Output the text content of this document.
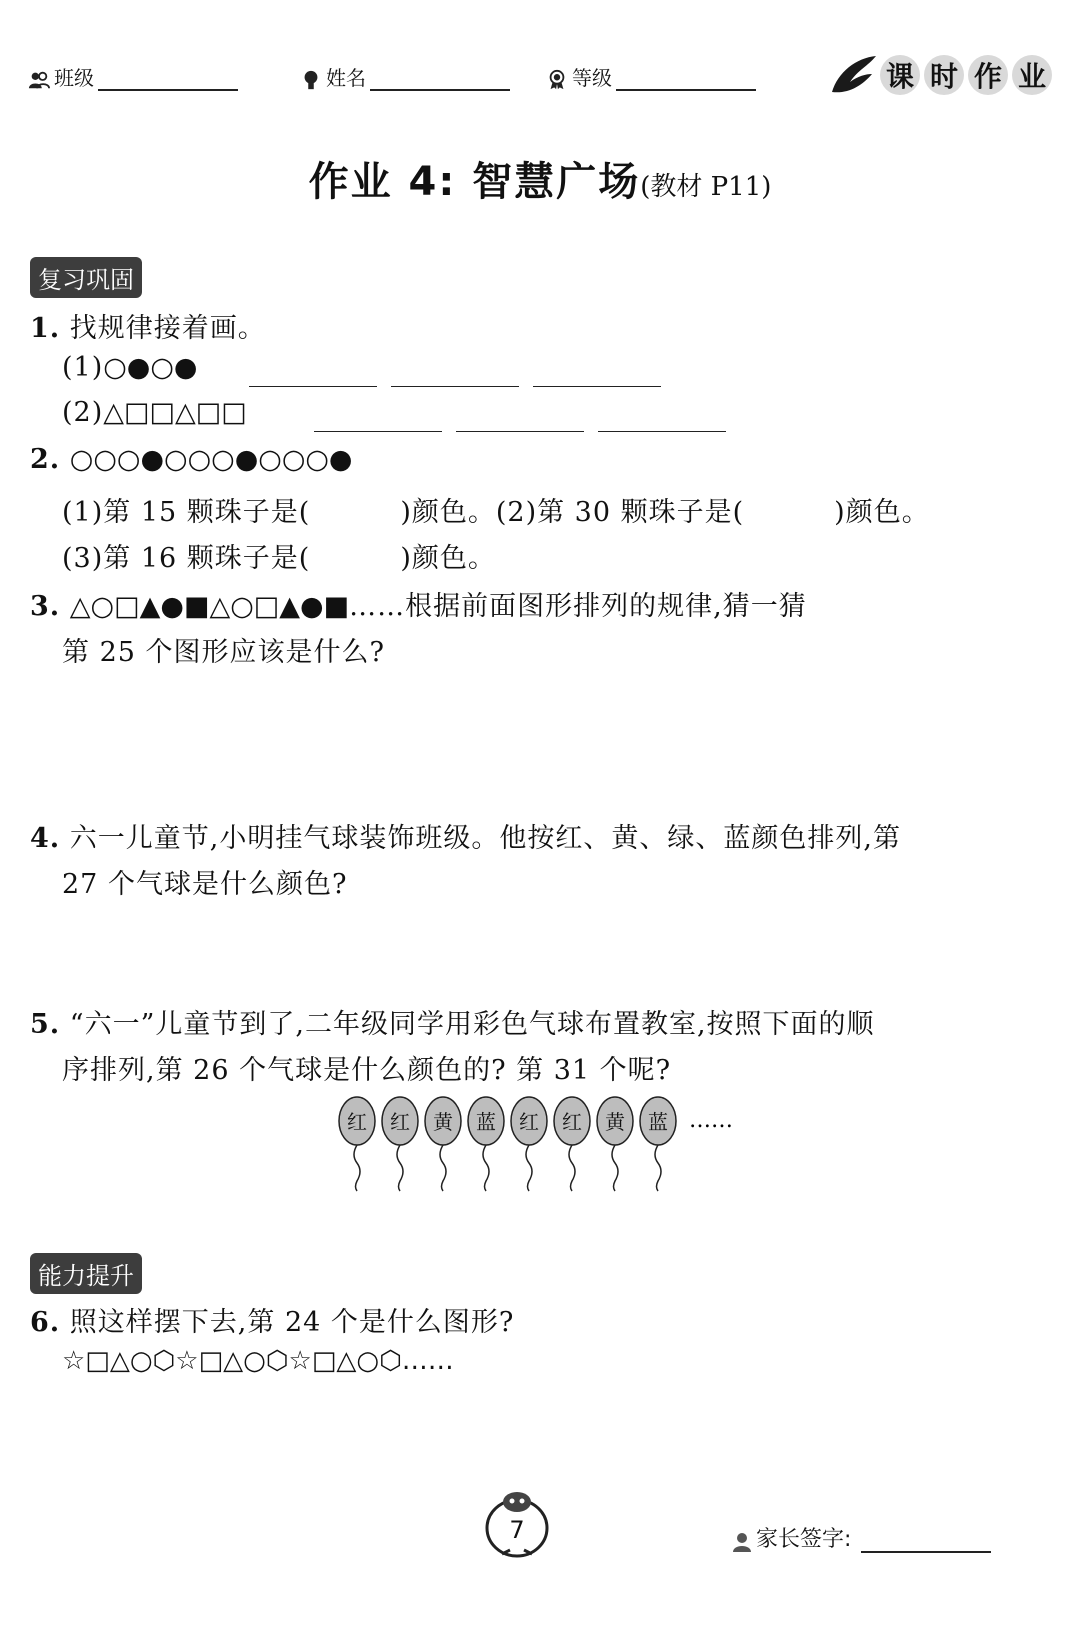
班级	姓名	等级	课 时 作 业
作业 4: 智慧广场(教材 P11)
复习巩固
1. 找规律接着画。
(1)○●○●
(2)△□□△□□
2. ○○○●○○○●○○○●
(1)第 15 颗珠子是(	)颜色。(2)第 30 颗珠子是(	)颜色。
(3)第 16 颗珠子是(	)颜色。
3. △○□▲●■△○□▲●■……根据前面图形排列的规律,猜一猜
第 25 个图形应该是什么?
4. 六一儿童节,小明挂气球装饰班级。他按红、黄、绿、蓝颜色排列,第
27 个气球是什么颜色?
5. “六一”儿童节到了,二年级同学用彩色气球布置教室,按照下面的顺
序排列,第 26 个气球是什么颜色的? 第 31 个呢?
红 红 黄 蓝 红 红 黄 蓝 ……
能力提升
6. 照这样摆下去,第 24 个是什么图形?
☆□△○⬡☆□△○⬡☆□△○⬡……
7	家长签字:
